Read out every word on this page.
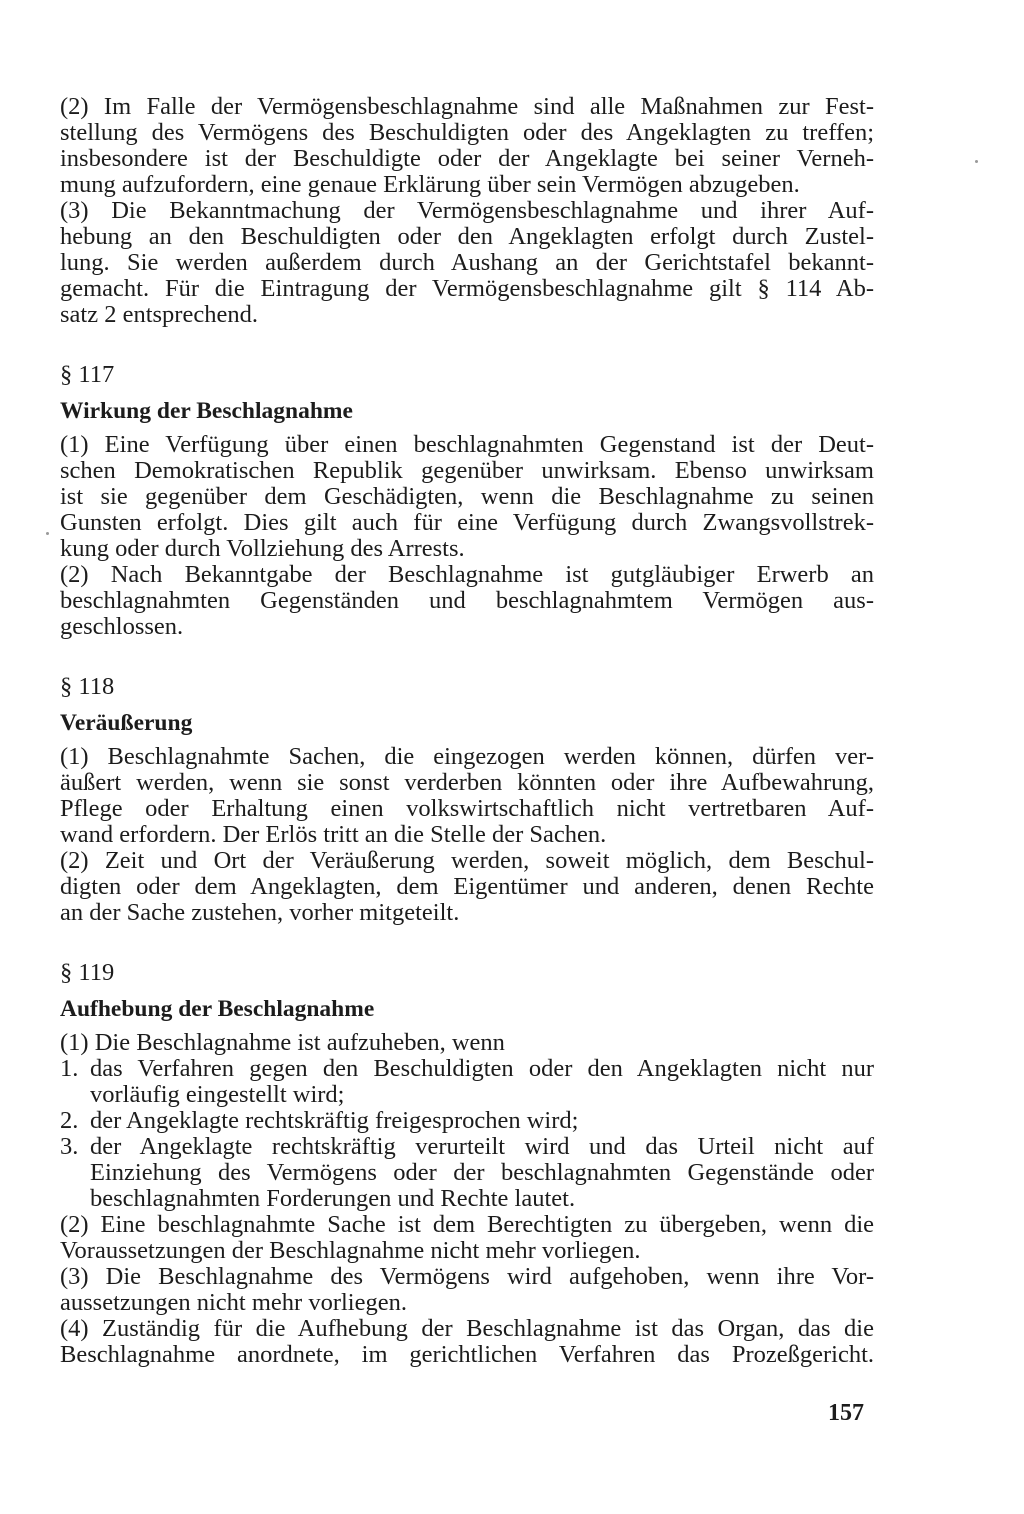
(2) Im Falle der Vermögensbeschlagnahme sind alle Maßnahmen zur Fest-
stellung des Vermögens des Beschuldigten oder des Angeklagten zu treffen;
insbesondere ist der Beschuldigte oder der Angeklagte bei seiner Verneh-
mung aufzufordern, eine genaue Erklärung über sein Vermögen abzugeben.
(3) Die Bekanntmachung der Vermögensbeschlagnahme und ihrer Auf-
hebung an den Beschuldigten oder den Angeklagten erfolgt durch Zustel-
lung. Sie werden außerdem durch Aushang an der Gerichtstafel bekannt-
gemacht. Für die Eintragung der Vermögensbeschlagnahme gilt § 114 Ab-
satz 2 entsprechend.
§ 117
Wirkung der Beschlagnahme
(1) Eine Verfügung über einen beschlagnahmten Gegenstand ist der Deut-
schen Demokratischen Republik gegenüber unwirksam. Ebenso unwirksam
ist sie gegenüber dem Geschädigten, wenn die Beschlagnahme zu seinen
Gunsten erfolgt. Dies gilt auch für eine Verfügung durch Zwangsvollstrek-
kung oder durch Vollziehung des Arrests.
(2) Nach Bekanntgabe der Beschlagnahme ist gutgläubiger Erwerb an
beschlagnahmten Gegenständen und beschlagnahmtem Vermögen aus-
geschlossen.
§ 118
Veräußerung
(1) Beschlagnahmte Sachen, die eingezogen werden können, dürfen ver-
äußert werden, wenn sie sonst verderben könnten oder ihre Aufbewahrung,
Pflege oder Erhaltung einen volkswirtschaftlich nicht vertretbaren Auf-
wand erfordern. Der Erlös tritt an die Stelle der Sachen.
(2) Zeit und Ort der Veräußerung werden, soweit möglich, dem Beschul-
digten oder dem Angeklagten, dem Eigentümer und anderen, denen Rechte
an der Sache zustehen, vorher mitgeteilt.
§ 119
Aufhebung der Beschlagnahme
(1) Die Beschlagnahme ist aufzuheben, wenn
1. das Verfahren gegen den Beschuldigten oder den Angeklagten nicht nur
vorläufig eingestellt wird;
2. der Angeklagte rechtskräftig freigesprochen wird;
3. der Angeklagte rechtskräftig verurteilt wird und das Urteil nicht auf
Einziehung des Vermögens oder der beschlagnahmten Gegenstände oder
beschlagnahmten Forderungen und Rechte lautet.
(2) Eine beschlagnahmte Sache ist dem Berechtigten zu übergeben, wenn die
Voraussetzungen der Beschlagnahme nicht mehr vorliegen.
(3) Die Beschlagnahme des Vermögens wird aufgehoben, wenn ihre Vor-
aussetzungen nicht mehr vorliegen.
(4) Zuständig für die Aufhebung der Beschlagnahme ist das Organ, das die
Beschlagnahme anordnete, im gerichtlichen Verfahren das Prozeßgericht.
157
